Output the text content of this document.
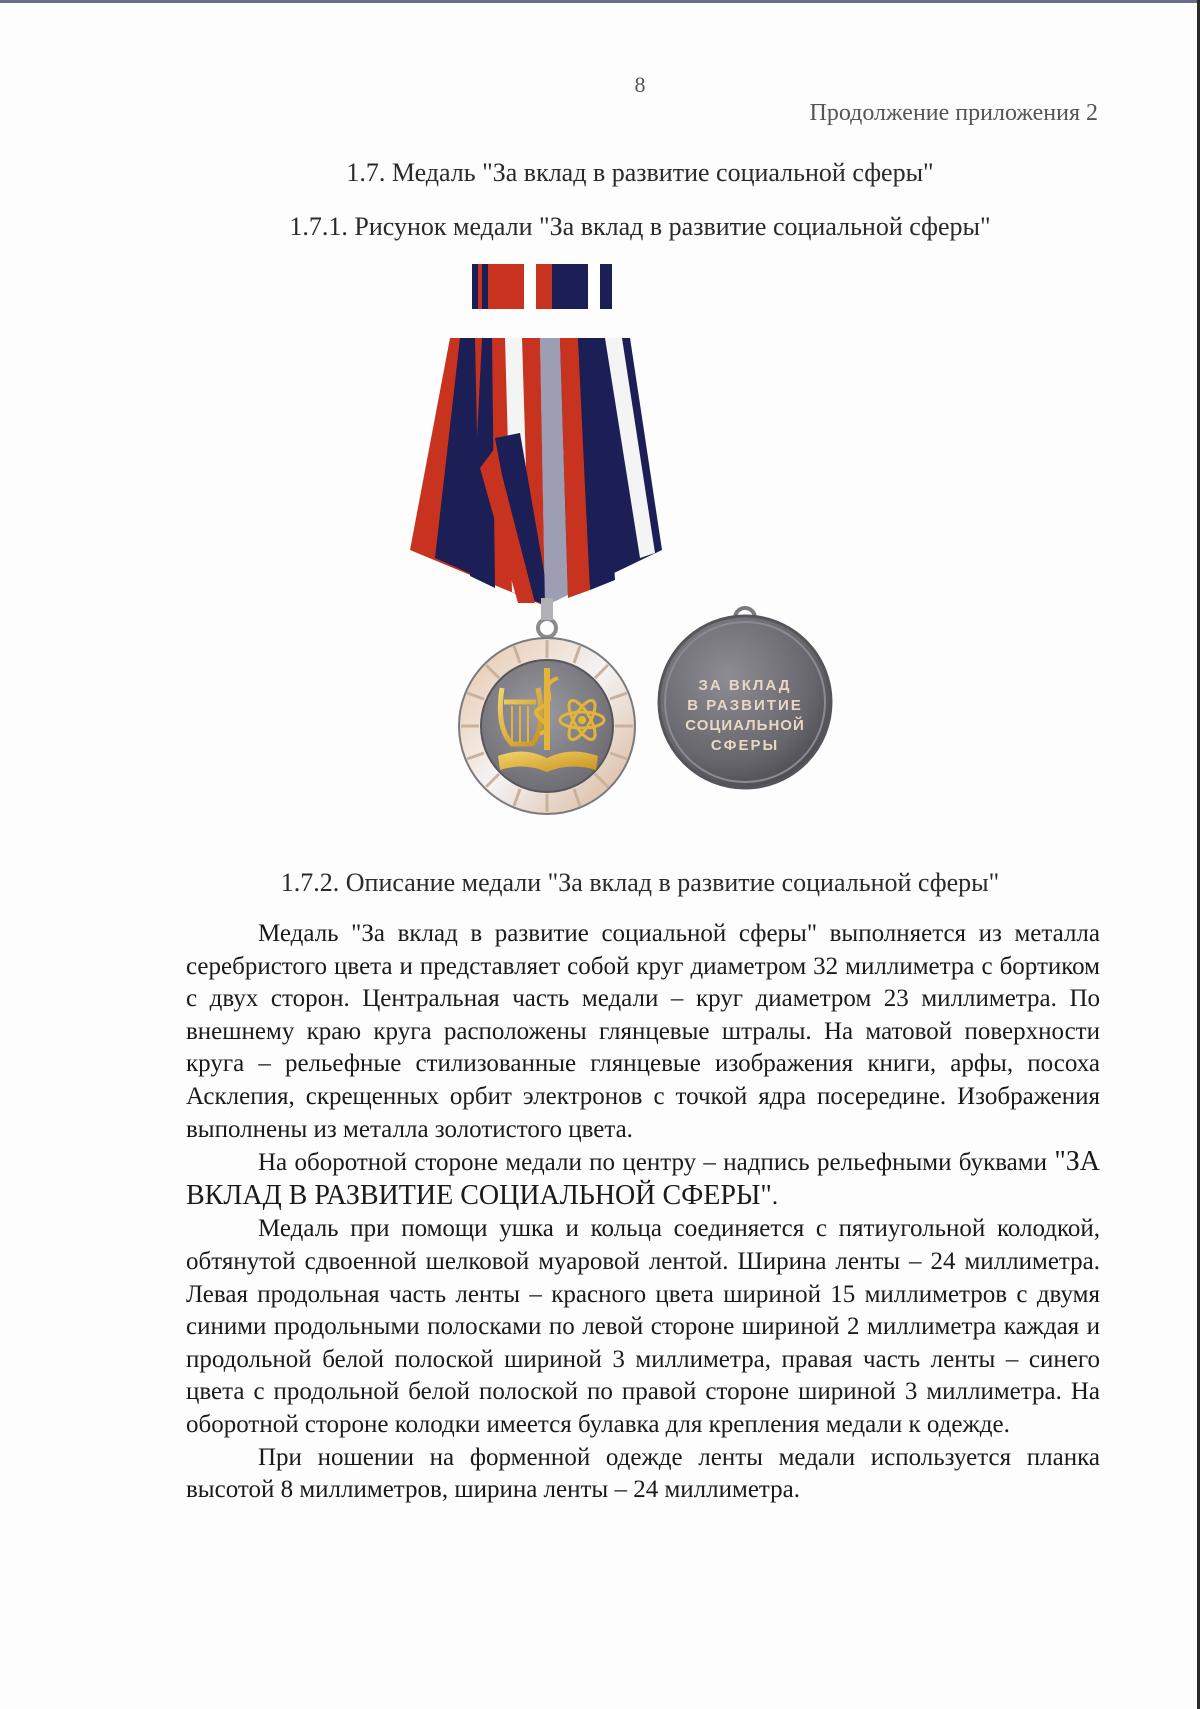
8
Продолжение приложения 2
1.7. Медаль "За вклад в развитие социальной сферы"
1.7.1. Рисунок медали "За вклад в развитие социальной сферы"
ЗА ВКЛАД
В РАЗВИТИЕ
СОЦИАЛЬНОЙ
СФЕРЫ
1.7.2. Описание медали "За вклад в развитие социальной сферы"

Медаль "За вклад в развитие социальной сферы" выполняется из металла серебристого цвета и представляет собой круг диаметром 32 миллиметра с бортиком с двух сторон. Центральная часть медали – круг диаметром 23 миллиметра. По внешнему краю круга расположены глянцевые штралы. На матовой поверхности круга – рельефные стилизованные глянцевые изображения книги, арфы, посоха Асклепия, скрещенных орбит электронов с точкой ядра посередине. Изображения выполнены из металла золотистого цвета.

На оборотной стороне медали по центру – надпись рельефными буквами "ЗА ВКЛАД В РАЗВИТИЕ СОЦИАЛЬНОЙ СФЕРЫ".

Медаль при помощи ушка и кольца соединяется с пятиугольной колодкой, обтянутой сдвоенной шелковой муаровой лентой. Ширина ленты – 24 миллиметра. Левая продольная часть ленты – красного цвета шириной 15 миллиметров с двумя синими продольными полосками по левой стороне шириной 2 миллиметра каждая и продольной белой полоской шириной 3 миллиметра, правая часть ленты – синего цвета с продольной белой полоской по правой стороне шириной 3 миллиметра. На оборотной стороне колодки имеется булавка для крепления медали к одежде.

При ношении на форменной одежде ленты медали используется планка высотой 8 миллиметров, ширина ленты – 24 миллиметра.
